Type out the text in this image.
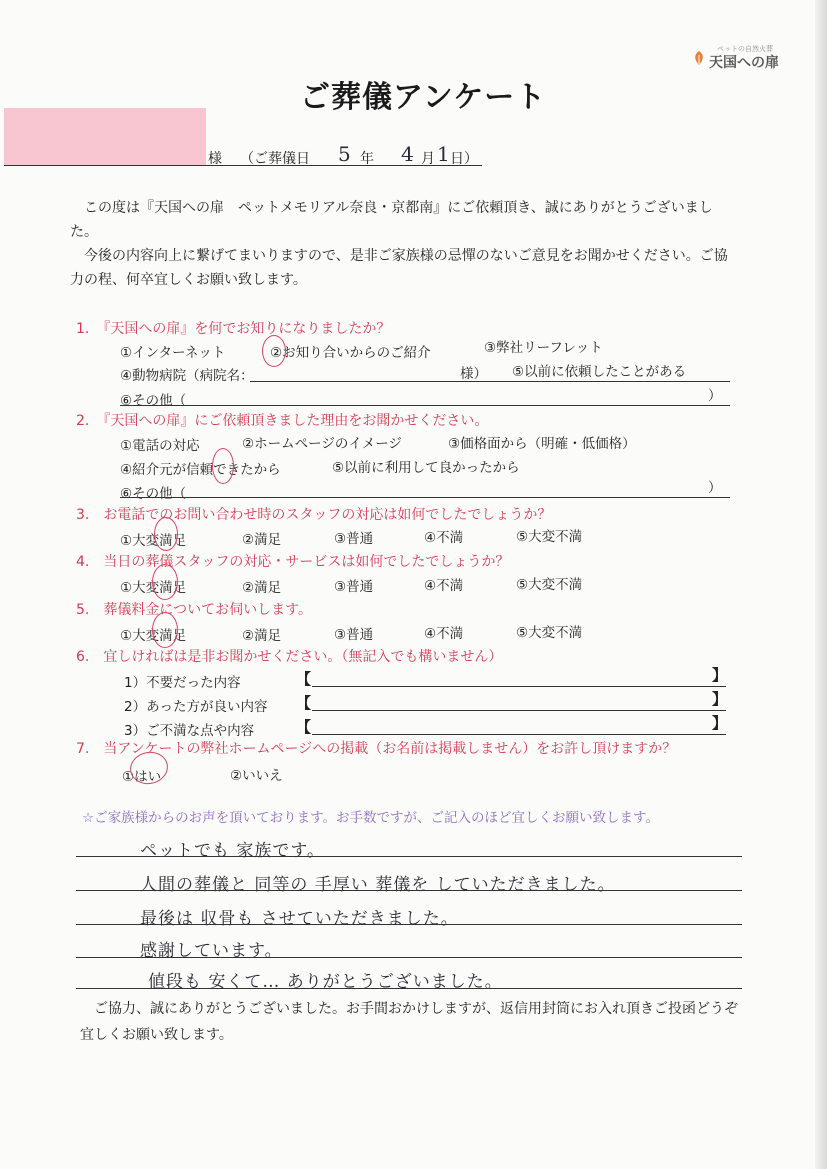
ペットの自然火葬
天国への扉
ご葬儀アンケート
様 （ご葬儀日 5 年 4 月 1 日）
この度は『天国への扉　ペットメモリアル奈良・京都南』にご依頼頂き、誠にありがとうございました。
今後の内容向上に繋げてまいりますので、是非ご家族様の忌憚のないご意見をお聞かせください。ご協力の程、何卒宜しくお願い致します。
1.　『天国への扉』を何でお知りになりましたか？
①インターネット	②お知り合いからのご紹介	③弊社リーフレット
④動物病院（病院名：	様） ⑤以前に依頼したことがある
⑥その他（	）
2.　『天国への扉』にご依頼頂きました理由をお聞かせください。
①電話の対応	②ホームページのイメージ	③価格面から（明確・低価格）
④紹介元が信頼できたから	⑤以前に利用して良かったから
⑥その他（	）
3.　お電話でのお問い合わせ時のスタッフの対応は如何でしたでしょうか？
①大変満足	②満足	③普通	④不満	⑤大変不満
4.　当日の葬儀スタッフの対応・サービスは如何でしたでしょうか？
①大変満足	②満足	③普通	④不満	⑤大変不満
5.　葬儀料金についてお伺いします。
①大変満足	②満足	③普通	④不満	⑤大変不満
6.　宜しければは是非お聞かせください。（無記入でも構いません）
1）不要だった内容	【	】
2）あった方が良い内容 【	】
3）ご不満な点や内容	【	】
7.　当アンケートの弊社ホームページへの掲載（お名前は掲載しません）をお許し頂けますか？
①はい	②いいえ
☆ご家族様からのお声を頂いております。お手数ですが、ご記入のほど宜しくお願い致します。
ペットでも 家族です。
人間の葬儀と 同等の 手厚い 葬儀を していただきました。
最後は 収骨も させていただきました。
感謝しています。
値段も 安くて… ありがとうございました。
ご協力、誠にありがとうございました。お手間おかけしますが、返信用封筒にお入れ頂きご投函どうぞ宜しくお願い致します。
